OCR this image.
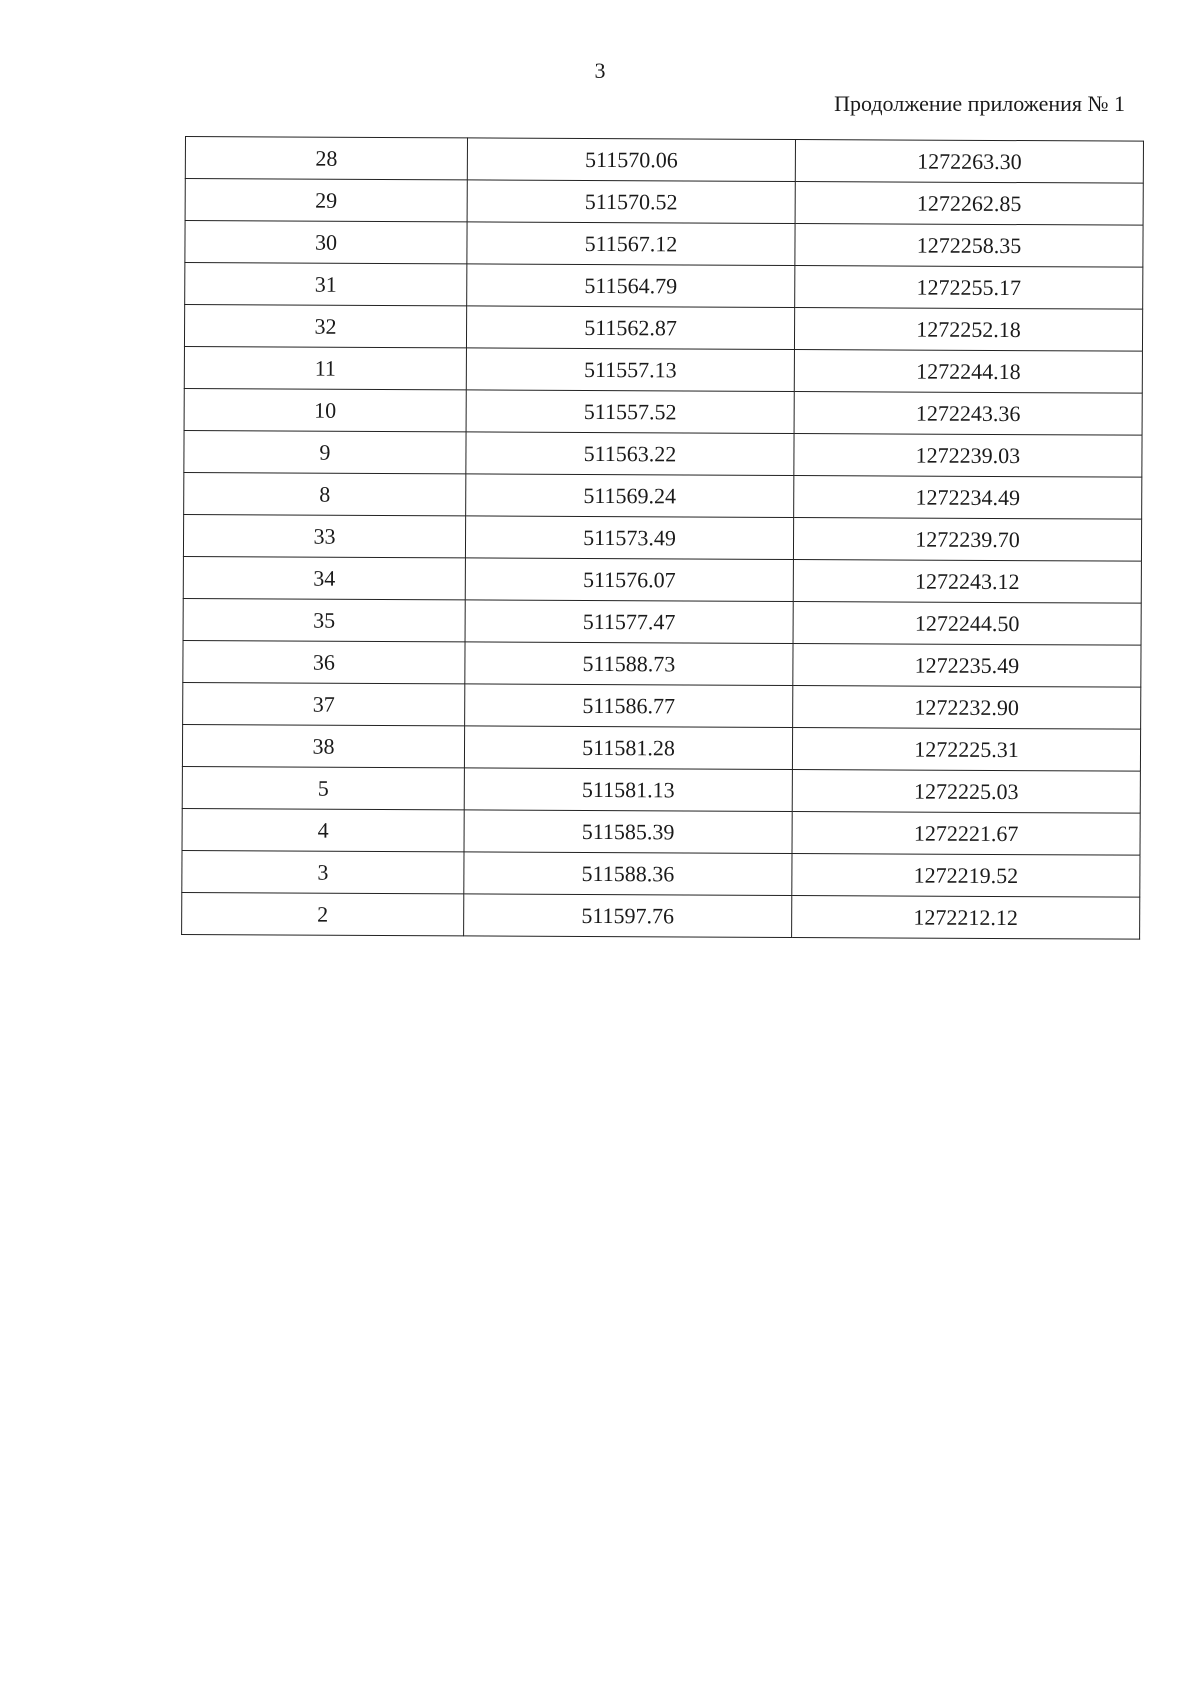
3
Продолжение приложения № 1
28	511570.06	1272263.30
29	511570.52	1272262.85
30	511567.12	1272258.35
31	511564.79	1272255.17
32	511562.87	1272252.18
11	511557.13	1272244.18
10	511557.52	1272243.36
9	511563.22	1272239.03
8	511569.24	1272234.49
33	511573.49	1272239.70
34	511576.07	1272243.12
35	511577.47	1272244.50
36	511588.73	1272235.49
37	511586.77	1272232.90
38	511581.28	1272225.31
5	511581.13	1272225.03
4	511585.39	1272221.67
3	511588.36	1272219.52
2	511597.76	1272212.12
